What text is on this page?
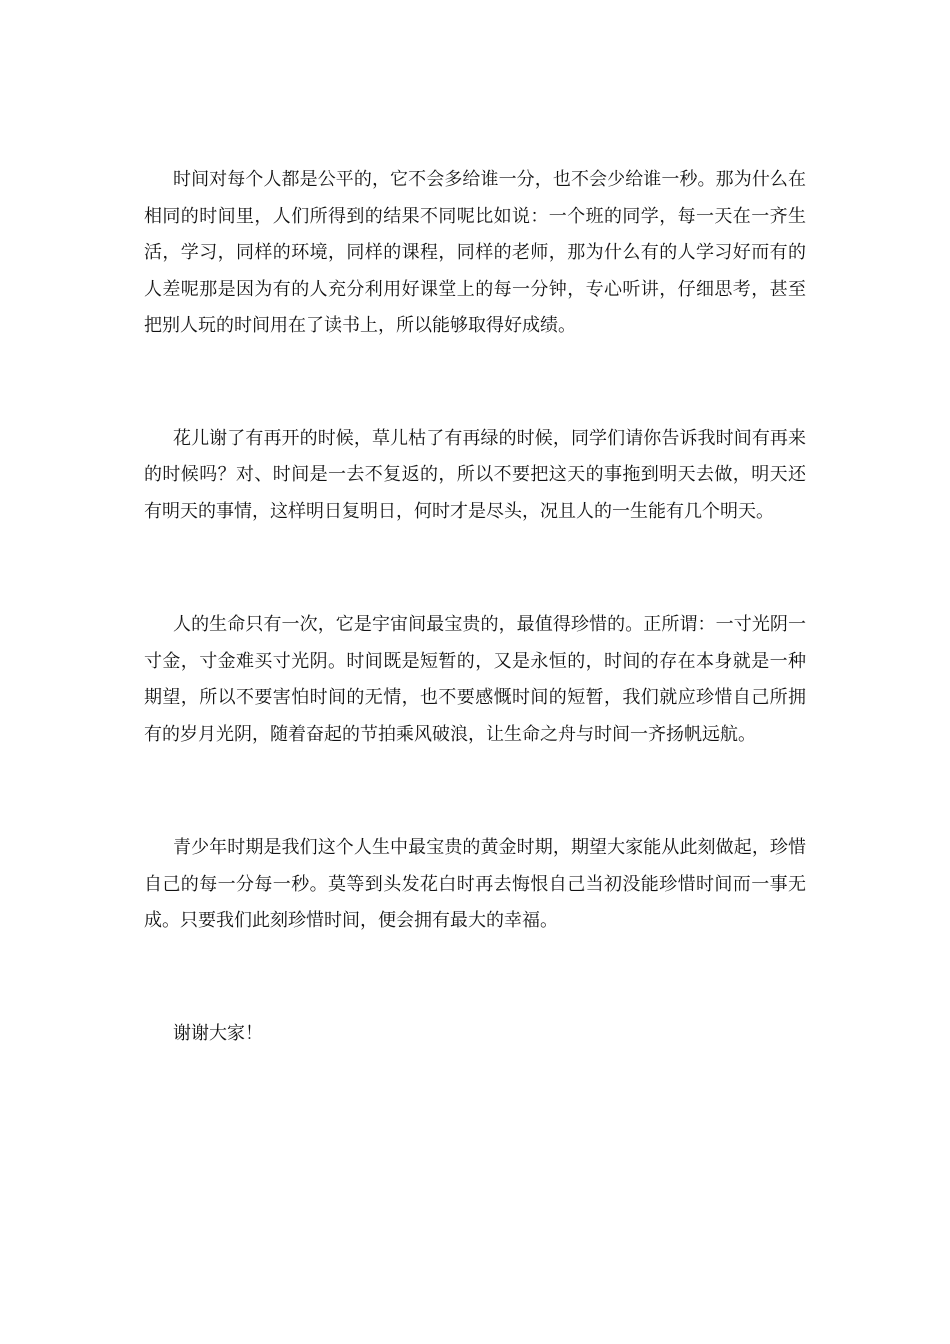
时间对每个人都是公平的，它不会多给谁一分，也不会少给谁一秒。那为什么在相同的时间里，人们所得到的结果不同呢比如说：一个班的同学，每一天在一齐生活，学习，同样的环境，同样的课程，同样的老师，那为什么有的人学习好而有的人差呢那是因为有的人充分利用好课堂上的每一分钟，专心听讲，仔细思考，甚至把别人玩的时间用在了读书上，所以能够取得好成绩。

花儿谢了有再开的时候，草儿枯了有再绿的时候，同学们请你告诉我时间有再来的时候吗？对、时间是一去不复返的，所以不要把这天的事拖到明天去做，明天还有明天的事情，这样明日复明日，何时才是尽头，况且人的一生能有几个明天。

人的生命只有一次，它是宇宙间最宝贵的，最值得珍惜的。正所谓：一寸光阴一寸金，寸金难买寸光阴。时间既是短暂的，又是永恒的，时间的存在本身就是一种期望，所以不要害怕时间的无情，也不要感慨时间的短暂，我们就应珍惜自己所拥有的岁月光阴，随着奋起的节拍乘风破浪，让生命之舟与时间一齐扬帆远航。

青少年时期是我们这个人生中最宝贵的黄金时期，期望大家能从此刻做起，珍惜自己的每一分每一秒。莫等到头发花白时再去悔恨自己当初没能珍惜时间而一事无成。只要我们此刻珍惜时间，便会拥有最大的幸福。

谢谢大家！
